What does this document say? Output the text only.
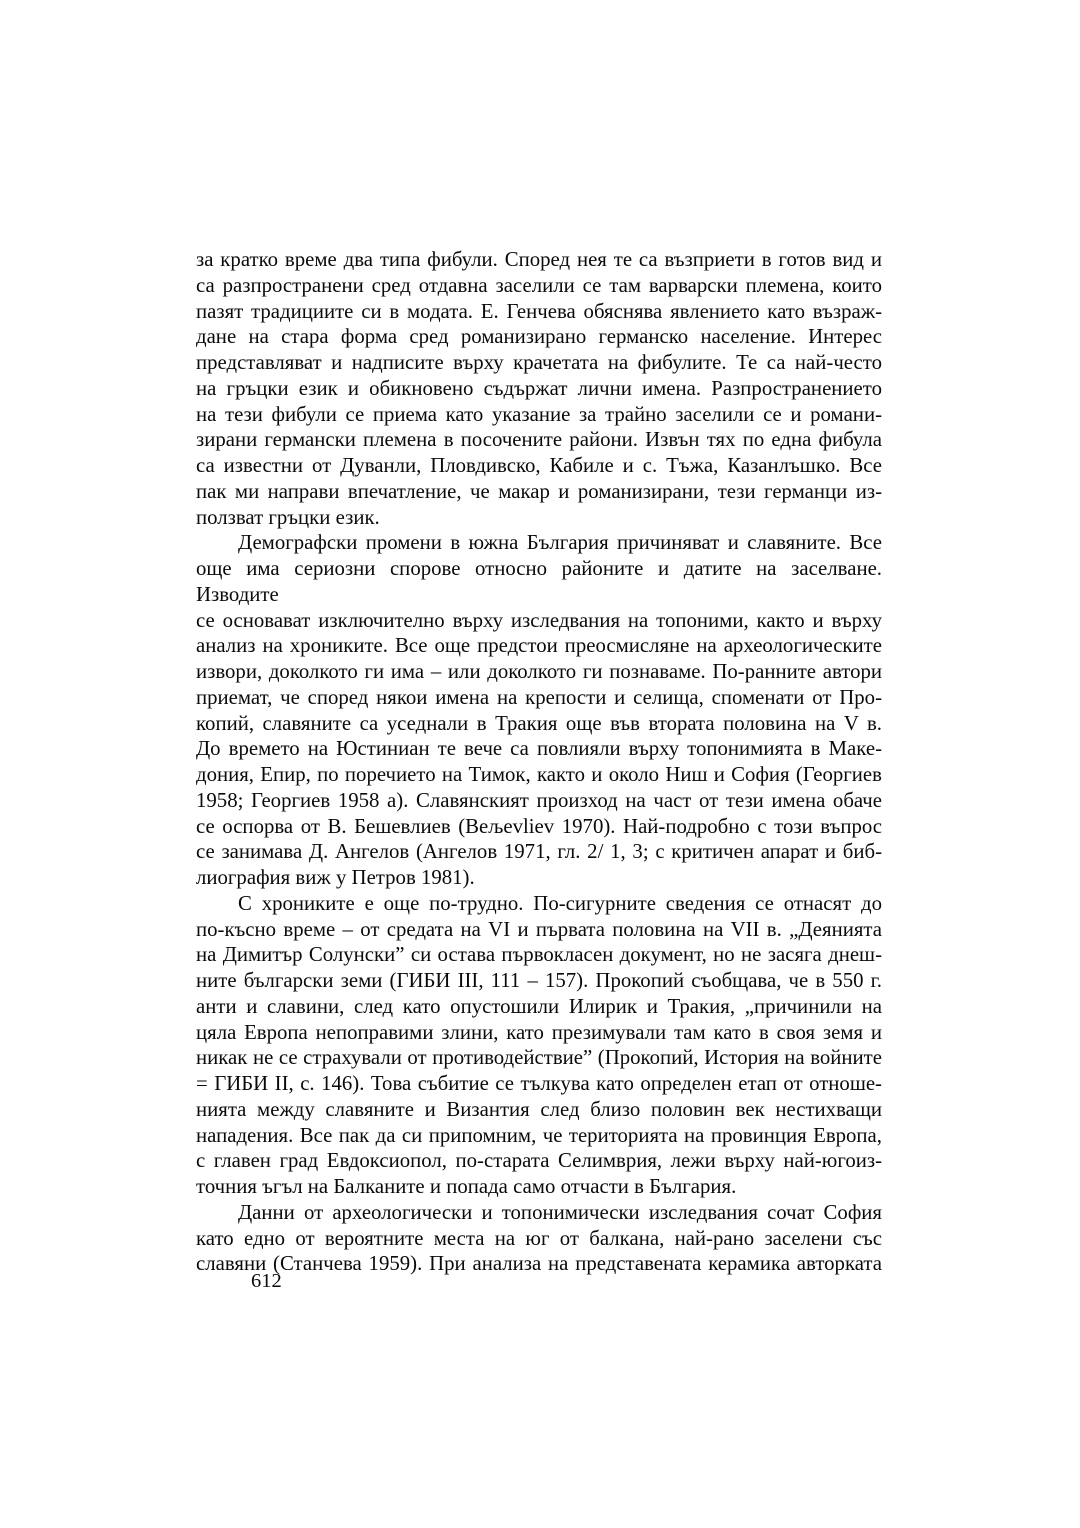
за кратко време два типа фибули. Според нея те са възприети в готов вид и
са разпространени сред отдавна заселили се там варварски племена, които
пазят традициите си в модата. Е. Генчева обяснява явлението като възраж-
дане на стара форма сред романизирано германско население. Интерес
представляват и надписите върху крачетата на фибулите. Те са най-често
на гръцки език и обикновено съдържат лични имена. Разпространението
на тези фибули се приема като указание за трайно заселили се и романи-
зирани германски племена в посочените райони. Извън тях по една фибула
са известни от Дуванли, Пловдивско, Кабиле и с. Тъжа, Казанлъшко. Все
пак ми направи впечатление, че макар и романизирани, тези германци из-
ползват гръцки език.
Демографски промени в южна България причиняват и славяните. Все
още има сериозни спорове относно районите и датите на заселване. Изводите
се основават изключително върху изследвания на топоними, както и върху
анализ на хрониките. Все още предстои преосмисляне на археологическите
извори, доколкото ги има – или доколкото ги познаваме. По-ранните автори
приемат, че според някои имена на крепости и селища, споменати от Про-
копий, славяните са уседнали в Тракия още във втората половина на V в.
До времето на Юстиниан те вече са повлияли върху топонимията в Маке-
дония, Епир, по поречието на Тимок, както и около Ниш и София (Георгиев
1958; Георгиев 1958 а). Славянският произход на част от тези имена обаче
се оспорва от В. Бешевлиев (Вељevliev 1970). Най-подробно с този въпрос
се занимава Д. Ангелов (Ангелов 1971, гл. 2/ 1, 3; с критичен апарат и биб-
лиография виж у Петров 1981).
С хрониките е още по-трудно. По-сигурните сведения се отнасят до
по-късно време – от средата на VI и първата половина на VII в. „Деянията
на Димитър Солунски” си остава първокласен документ, но не засяга днеш-
ните български земи (ГИБИ III, 111 – 157). Прокопий съобщава, че в 550 г.
анти и славини, след като опустошили Илирик и Тракия, „причинили на
цяла Европа непоправими злини, като презимували там като в своя земя и
никак не се страхували от противодействие” (Прокопий, История на войните
= ГИБИ II, с. 146). Това събитие се тълкува като определен етап от отноше-
нията между славяните и Византия след близо половин век нестихващи
нападения. Все пак да си припомним, че територията на провинция Европа,
с главен град Евдоксиопол, по-старата Селимврия, лежи върху най-югоиз-
точния ъгъл на Балканите и попада само отчасти в България.
Данни от археологически и топонимически изследвания сочат София
като едно от вероятните места на юг от балкана, най-рано заселени със
славяни (Станчева 1959). При анализа на представената керамика авторката
612
